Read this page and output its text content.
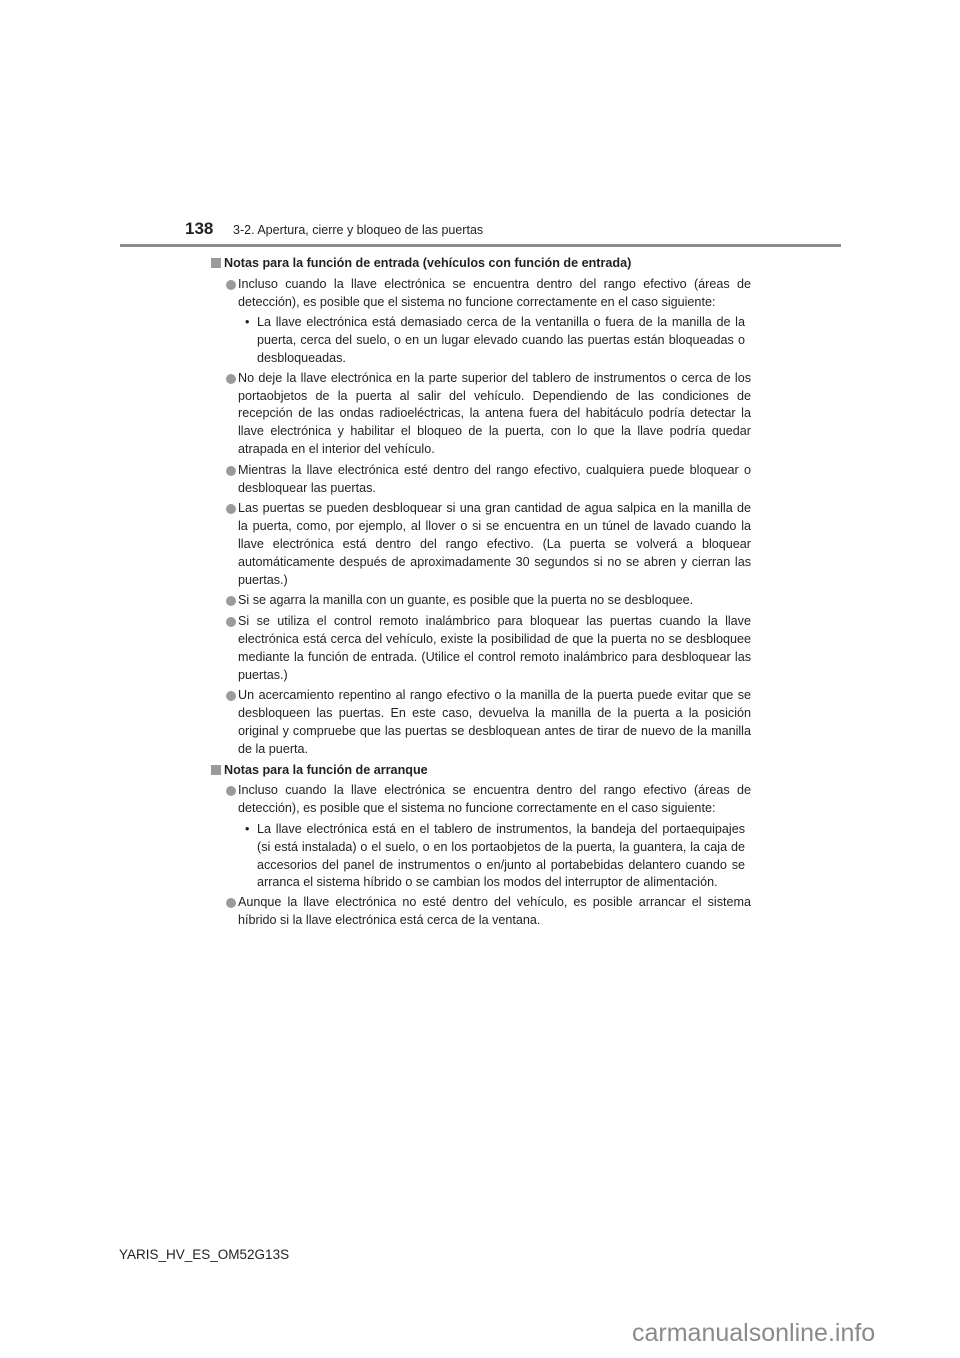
138 3-2. Apertura, cierre y bloqueo de las puertas
Notas para la función de entrada (vehículos con función de entrada)
Incluso cuando la llave electrónica se encuentra dentro del rango efectivo (áreas de detección), es posible que el sistema no funcione correctamente en el caso siguiente:
• La llave electrónica está demasiado cerca de la ventanilla o fuera de la manilla de la puerta, cerca del suelo, o en un lugar elevado cuando las puertas están bloqueadas o desbloqueadas.
No deje la llave electrónica en la parte superior del tablero de instrumentos o cerca de los portaobjetos de la puerta al salir del vehículo. Dependiendo de las condiciones de recepción de las ondas radioeléctricas, la antena fuera del habitáculo podría detectar la llave electrónica y habilitar el bloqueo de la puerta, con lo que la llave podría quedar atrapada en el interior del vehículo.
Mientras la llave electrónica esté dentro del rango efectivo, cualquiera puede bloquear o desbloquear las puertas.
Las puertas se pueden desbloquear si una gran cantidad de agua salpica en la manilla de la puerta, como, por ejemplo, al llover o si se encuentra en un túnel de lavado cuando la llave electrónica está dentro del rango efectivo. (La puerta se volverá a bloquear automáticamente después de aproximadamente 30 segundos si no se abren y cierran las puertas.)
Si se agarra la manilla con un guante, es posible que la puerta no se desbloquee.
Si se utiliza el control remoto inalámbrico para bloquear las puertas cuando la llave electrónica está cerca del vehículo, existe la posibilidad de que la puerta no se desbloquee mediante la función de entrada. (Utilice el control remoto inalámbrico para desbloquear las puertas.)
Un acercamiento repentino al rango efectivo o la manilla de la puerta puede evitar que se desbloqueen las puertas. En este caso, devuelva la manilla de la puerta a la posición original y compruebe que las puertas se desbloquean antes de tirar de nuevo de la manilla de la puerta.
Notas para la función de arranque
Incluso cuando la llave electrónica se encuentra dentro del rango efectivo (áreas de detección), es posible que el sistema no funcione correctamente en el caso siguiente:
• La llave electrónica está en el tablero de instrumentos, la bandeja del portaequipajes (si está instalada) o el suelo, o en los portaobjetos de la puerta, la guantera, la caja de accesorios del panel de instrumentos o en/junto al portabebidas delantero cuando se arranca el sistema híbrido o se cambian los modos del interruptor de alimentación.
Aunque la llave electrónica no esté dentro del vehículo, es posible arrancar el sistema híbrido si la llave electrónica está cerca de la ventana.
YARIS_HV_ES_OM52G13S
carmanualsonline.info
